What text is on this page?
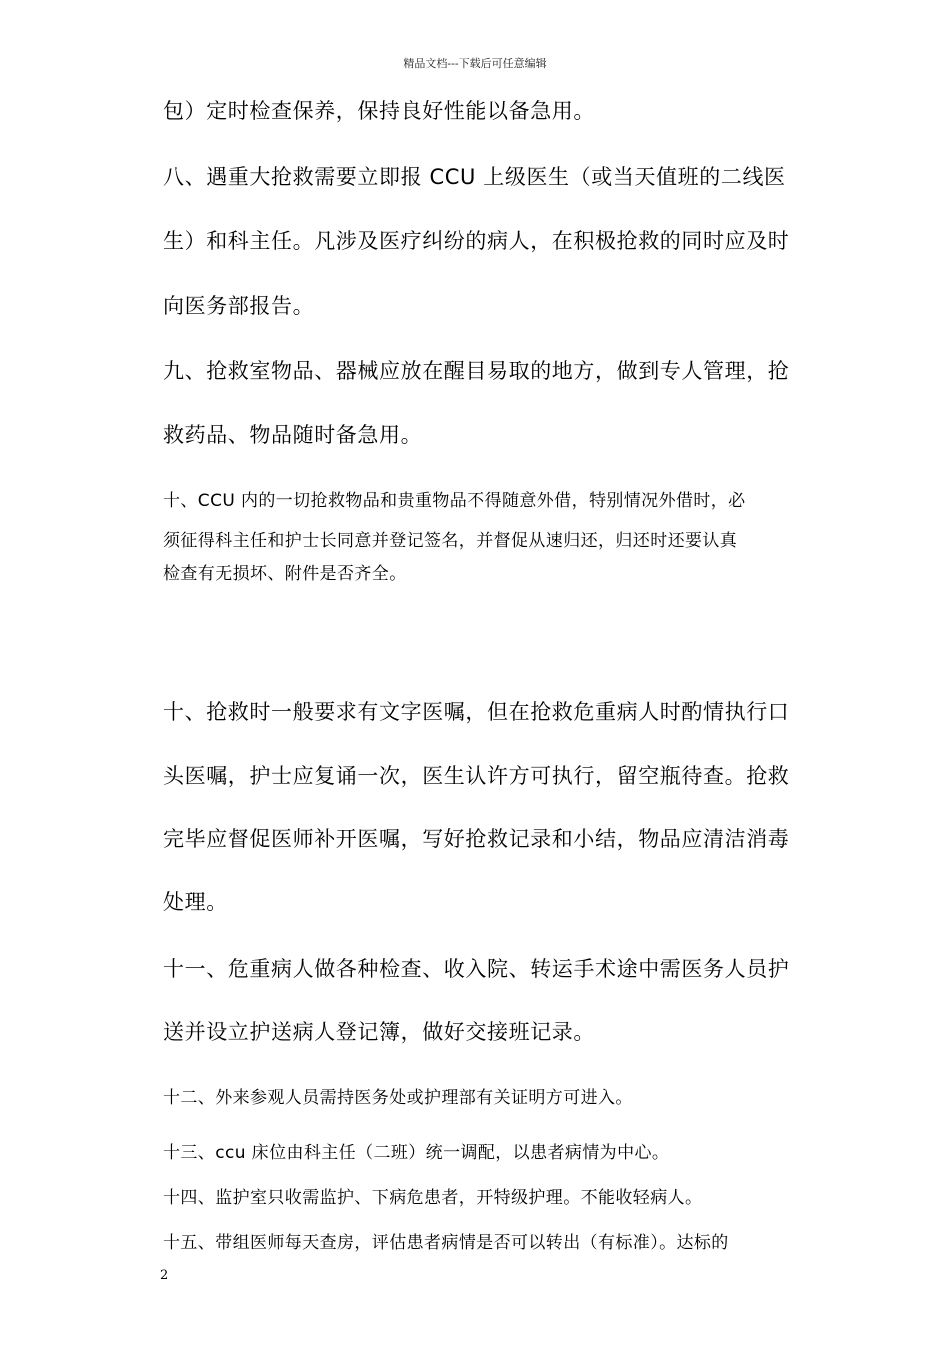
精品文档---下载后可任意编辑
包）定时检查保养，保持良好性能以备急用。
八、遇重大抢救需要立即报 CCU 上级医生（或当天值班的二线医
生）和科主任。凡涉及医疗纠纷的病人，在积极抢救的同时应及时
向医务部报告。
九、抢救室物品、器械应放在醒目易取的地方，做到专人管理，抢
救药品、物品随时备急用。
十、CCU 内的一切抢救物品和贵重物品不得随意外借，特别情况外借时，必
须征得科主任和护士长同意并登记签名，并督促从速归还，归还时还要认真
检查有无损坏、附件是否齐全。
十、抢救时一般要求有文字医嘱，但在抢救危重病人时酌情执行口
头医嘱，护士应复诵一次，医生认许方可执行，留空瓶待查。抢救
完毕应督促医师补开医嘱，写好抢救记录和小结，物品应清洁消毒
处理。
十一、危重病人做各种检查、收入院、转运手术途中需医务人员护
送并设立护送病人登记簿，做好交接班记录。
十二、外来参观人员需持医务处或护理部有关证明方可进入。
十三、ccu 床位由科主任（二班）统一调配，以患者病情为中心。
十四、监护室只收需监护、下病危患者，开特级护理。不能收轻病人。
十五、带组医师每天查房，评估患者病情是否可以转出（有标准）。达标的
2
